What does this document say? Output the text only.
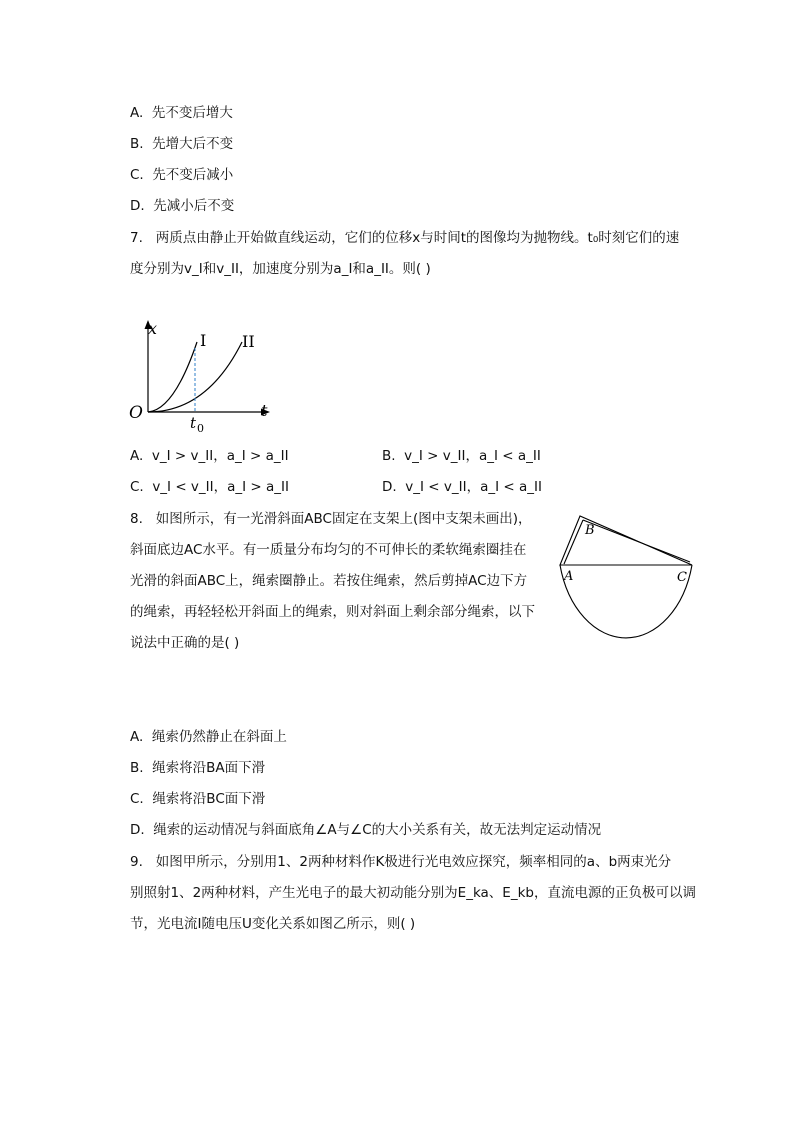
A. 先不变后增大
B. 先增大后不变
C. 先不变后减小
D. 先减小后不变
7. 两质点由静止开始做直线运动，它们的位移x与时间t的图像均为抛物线。t₀时刻它们的速
度分别为v_I和v_II，加速度分别为a_I和a_II。则( )
x
O	t
t 0
I II
A. v_I > v_II，a_I > a_II	B. v_I > v_II，a_I < a_II
C. v_I < v_II，a_I > a_II	D. v_I < v_II，a_I < a_II
8. 如图所示，有一光滑斜面ABC固定在支架上(图中支架未画出)，
斜面底边AC水平。有一质量分布均匀的不可伸长的柔软绳索圈挂在
光滑的斜面ABC上，绳索圈静止。若按住绳索，然后剪掉AC边下方
的绳索，再轻轻松开斜面上的绳索，则对斜面上剩余部分绳索，以下
说法中正确的是( )
A
B
C
A. 绳索仍然静止在斜面上
B. 绳索将沿BA面下滑
C. 绳索将沿BC面下滑
D. 绳索的运动情况与斜面底角∠A与∠C的大小关系有关，故无法判定运动情况
9. 如图甲所示，分别用1、2两种材料作K极进行光电效应探究，频率相同的a、b两束光分
别照射1、2两种材料，产生光电子的最大初动能分别为E_ka、E_kb，直流电源的正负极可以调
节，光电流I随电压U变化关系如图乙所示，则( )
